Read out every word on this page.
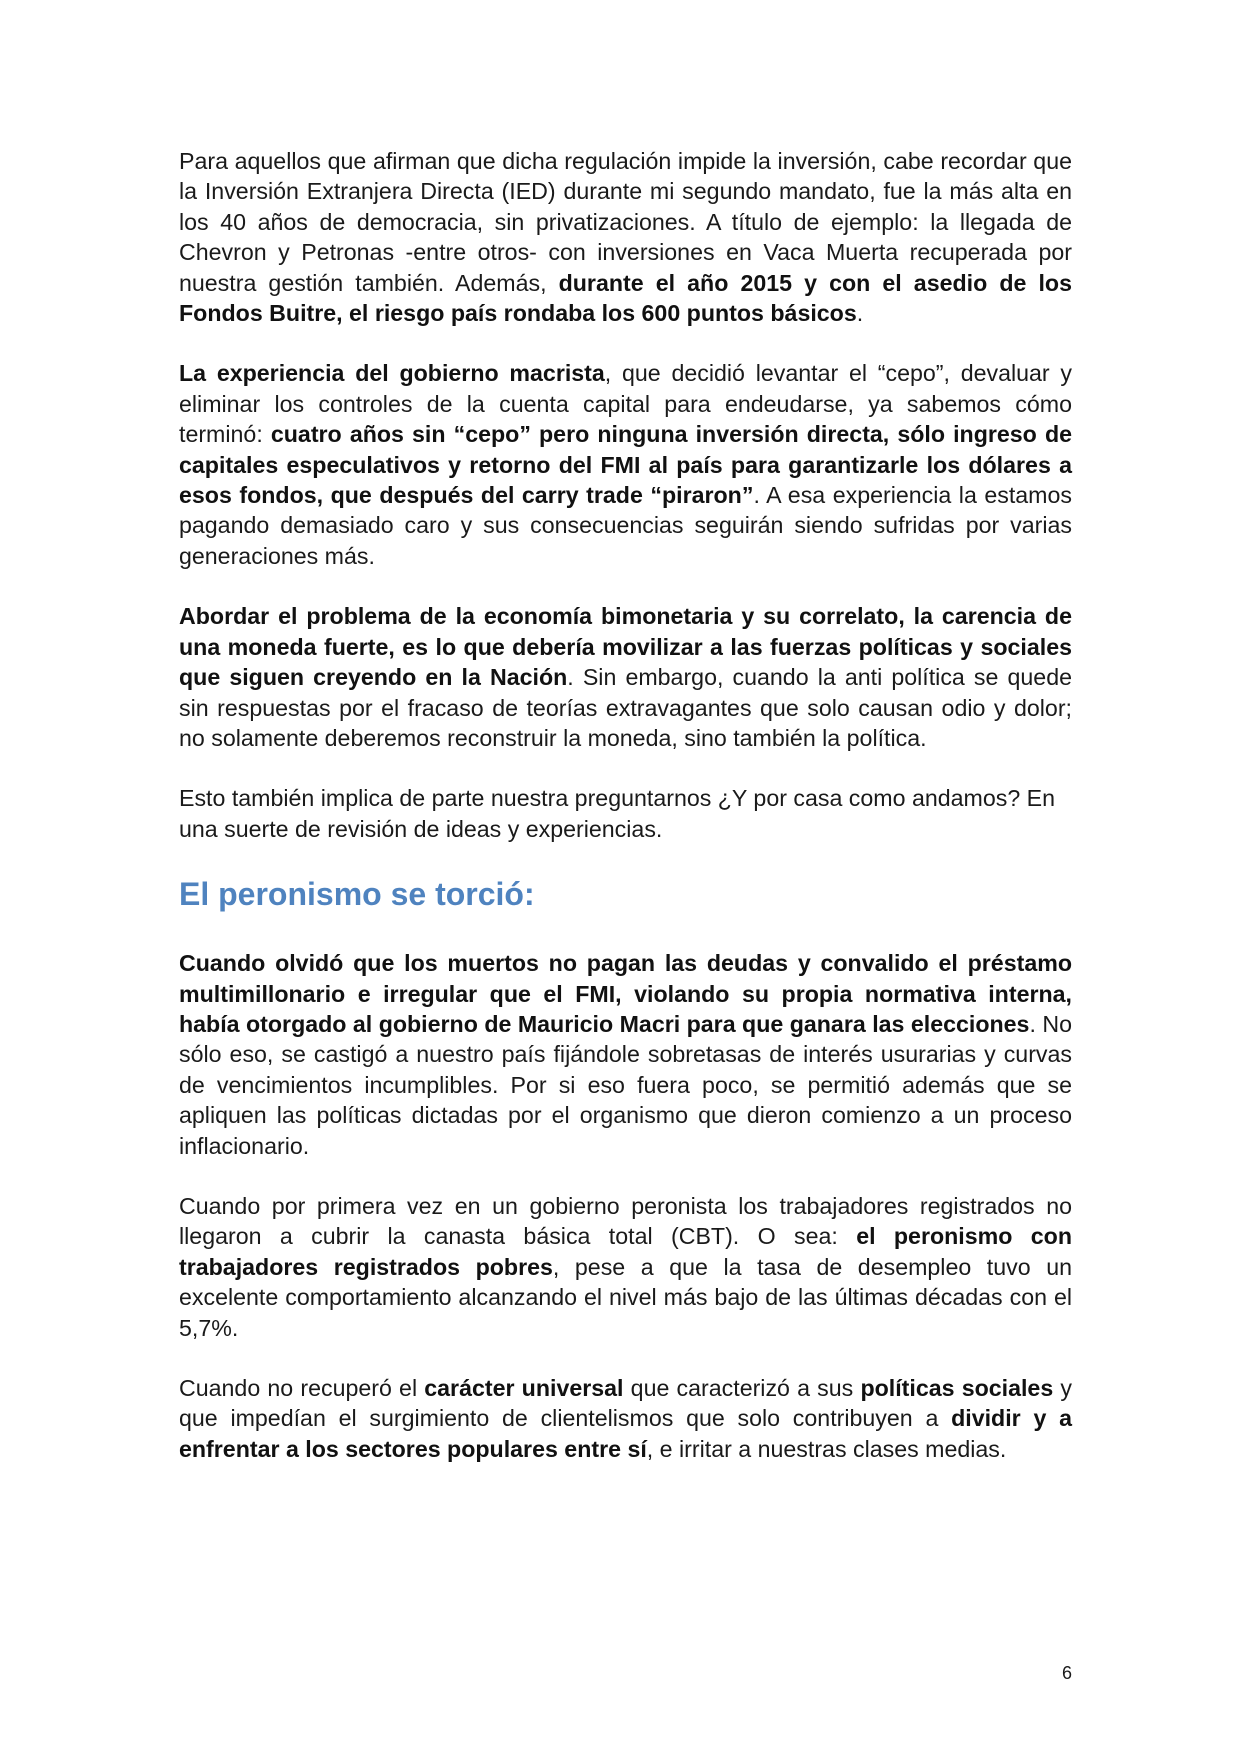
Para aquellos que afirman que dicha regulación impide la inversión, cabe recordar que la Inversión Extranjera Directa (IED) durante mi segundo mandato, fue la más alta en los 40 años de democracia, sin privatizaciones. A título de ejemplo: la llegada de Chevron y Petronas -entre otros- con inversiones en Vaca Muerta recuperada por nuestra gestión también. Además, durante el año 2015 y con el asedio de los Fondos Buitre, el riesgo país rondaba los 600 puntos básicos.

La experiencia del gobierno macrista, que decidió levantar el “cepo”, devaluar y eliminar los controles de la cuenta capital para endeudarse, ya sabemos cómo terminó: cuatro años sin “cepo” pero ninguna inversión directa, sólo ingreso de capitales especulativos y retorno del FMI al país para garantizarle los dólares a esos fondos, que después del carry trade “piraron”. A esa experiencia la estamos pagando demasiado caro y sus consecuencias seguirán siendo sufridas por varias generaciones más.

Abordar el problema de la economía bimonetaria y su correlato, la carencia de una moneda fuerte, es lo que debería movilizar a las fuerzas políticas y sociales que siguen creyendo en la Nación. Sin embargo, cuando la anti política se quede sin respuestas por el fracaso de teorías extravagantes que solo causan odio y dolor; no solamente deberemos reconstruir la moneda, sino también la política.

Esto también implica de parte nuestra preguntarnos ¿Y por casa como andamos? En una suerte de revisión de ideas y experiencias.

El peronismo se torció:

Cuando olvidó que los muertos no pagan las deudas y convalido el préstamo multimillonario e irregular que el FMI, violando su propia normativa interna, había otorgado al gobierno de Mauricio Macri para que ganara las elecciones. No sólo eso, se castigó a nuestro país fijándole sobretasas de interés usurarias y curvas de vencimientos incumplibles. Por si eso fuera poco, se permitió además que se apliquen las políticas dictadas por el organismo que dieron comienzo a un proceso inflacionario.

Cuando por primera vez en un gobierno peronista los trabajadores registrados no llegaron a cubrir la canasta básica total (CBT). O sea: el peronismo con trabajadores registrados pobres, pese a que la tasa de desempleo tuvo un excelente comportamiento alcanzando el nivel más bajo de las últimas décadas con el 5,7%.

Cuando no recuperó el carácter universal que caracterizó a sus políticas sociales y que impedían el surgimiento de clientelismos que solo contribuyen a dividir y a enfrentar a los sectores populares entre sí, e irritar a nuestras clases medias.

6
